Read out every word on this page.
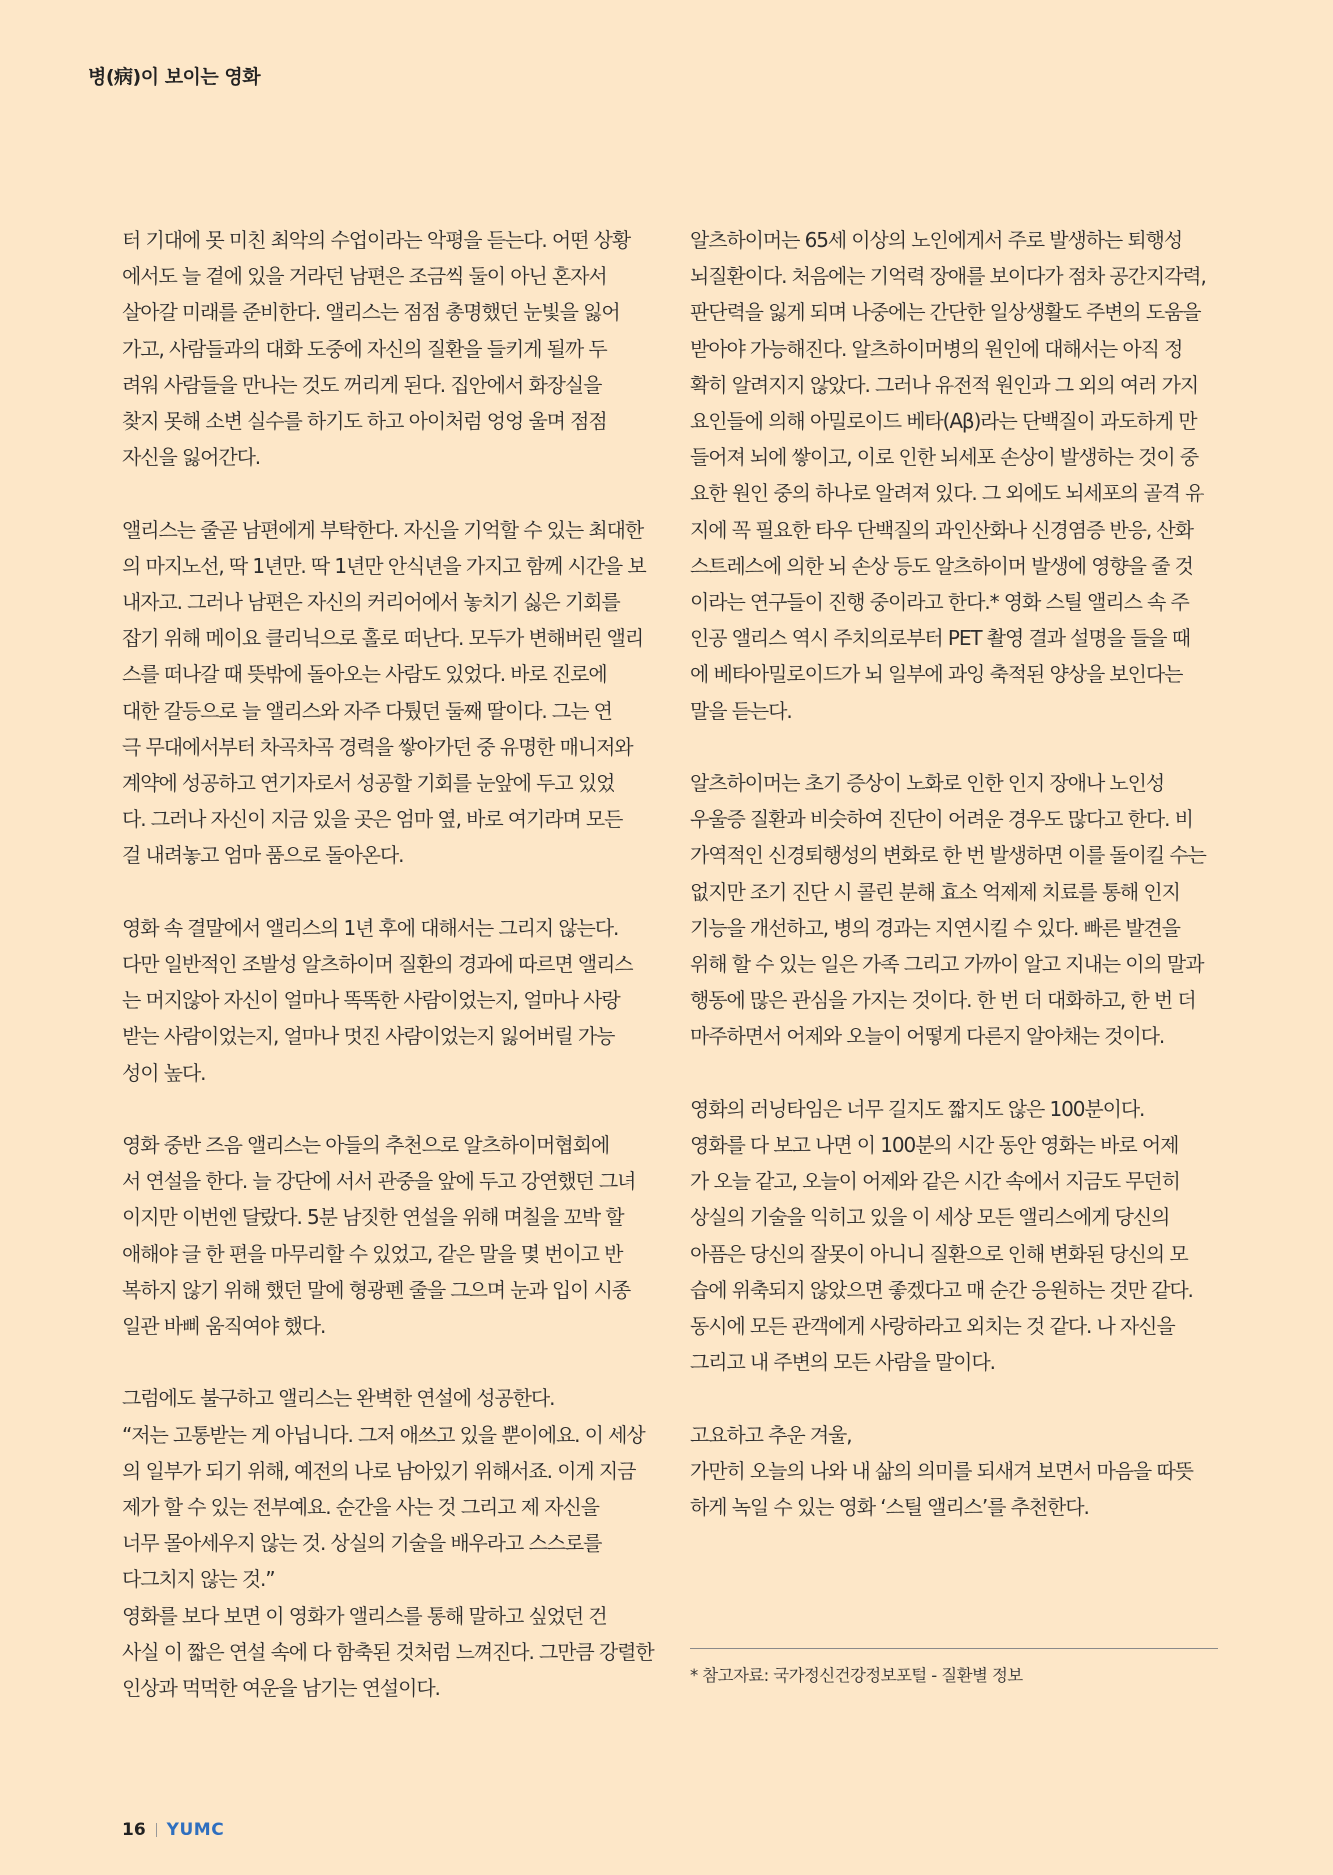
병(病)이 보이는 영화
터 기대에 못 미친 최악의 수업이라는 악평을 듣는다. 어떤 상황
에서도 늘 곁에 있을 거라던 남편은 조금씩 둘이 아닌 혼자서
살아갈 미래를 준비한다. 앨리스는 점점 총명했던 눈빛을 잃어
가고, 사람들과의 대화 도중에 자신의 질환을 들키게 될까 두
려워 사람들을 만나는 것도 꺼리게 된다. 집안에서 화장실을
찾지 못해 소변 실수를 하기도 하고 아이처럼 엉엉 울며 점점
자신을 잃어간다.
앨리스는 줄곧 남편에게 부탁한다. 자신을 기억할 수 있는 최대한
의 마지노선, 딱 1년만. 딱 1년만 안식년을 가지고 함께 시간을 보
내자고. 그러나 남편은 자신의 커리어에서 놓치기 싫은 기회를
잡기 위해 메이요 클리닉으로 홀로 떠난다. 모두가 변해버린 앨리
스를 떠나갈 때 뜻밖에 돌아오는 사람도 있었다. 바로 진로에
대한 갈등으로 늘 앨리스와 자주 다퉜던 둘째 딸이다. 그는 연
극 무대에서부터 차곡차곡 경력을 쌓아가던 중 유명한 매니저와
계약에 성공하고 연기자로서 성공할 기회를 눈앞에 두고 있었
다. 그러나 자신이 지금 있을 곳은 엄마 옆, 바로 여기라며 모든
걸 내려놓고 엄마 품으로 돌아온다.
영화 속 결말에서 앨리스의 1년 후에 대해서는 그리지 않는다.
다만 일반적인 조발성 알츠하이머 질환의 경과에 따르면 앨리스
는 머지않아 자신이 얼마나 똑똑한 사람이었는지, 얼마나 사랑
받는 사람이었는지, 얼마나 멋진 사람이었는지 잃어버릴 가능
성이 높다.
영화 중반 즈음 앨리스는 아들의 추천으로 알츠하이머협회에
서 연설을 한다. 늘 강단에 서서 관중을 앞에 두고 강연했던 그녀
이지만 이번엔 달랐다. 5분 남짓한 연설을 위해 며칠을 꼬박 할
애해야 글 한 편을 마무리할 수 있었고, 같은 말을 몇 번이고 반
복하지 않기 위해 했던 말에 형광펜 줄을 그으며 눈과 입이 시종
일관 바삐 움직여야 했다.
그럼에도 불구하고 앨리스는 완벽한 연설에 성공한다.
“저는 고통받는 게 아닙니다. 그저 애쓰고 있을 뿐이에요. 이 세상
의 일부가 되기 위해, 예전의 나로 남아있기 위해서죠. 이게 지금
제가 할 수 있는 전부예요. 순간을 사는 것 그리고 제 자신을
너무 몰아세우지 않는 것. 상실의 기술을 배우라고 스스로를
다그치지 않는 것.”
영화를 보다 보면 이 영화가 앨리스를 통해 말하고 싶었던 건
사실 이 짧은 연설 속에 다 함축된 것처럼 느껴진다. 그만큼 강렬한
인상과 먹먹한 여운을 남기는 연설이다.
알츠하이머는 65세 이상의 노인에게서 주로 발생하는 퇴행성
뇌질환이다. 처음에는 기억력 장애를 보이다가 점차 공간지각력,
판단력을 잃게 되며 나중에는 간단한 일상생활도 주변의 도움을
받아야 가능해진다. 알츠하이머병의 원인에 대해서는 아직 정
확히 알려지지 않았다. 그러나 유전적 원인과 그 외의 여러 가지
요인들에 의해 아밀로이드 베타(Aβ)라는 단백질이 과도하게 만
들어져 뇌에 쌓이고, 이로 인한 뇌세포 손상이 발생하는 것이 중
요한 원인 중의 하나로 알려져 있다. 그 외에도 뇌세포의 골격 유
지에 꼭 필요한 타우 단백질의 과인산화나 신경염증 반응, 산화
스트레스에 의한 뇌 손상 등도 알츠하이머 발생에 영향을 줄 것
이라는 연구들이 진행 중이라고 한다.* 영화 스틸 앨리스 속 주
인공 앨리스 역시 주치의로부터 PET 촬영 결과 설명을 들을 때
에 베타아밀로이드가 뇌 일부에 과잉 축적된 양상을 보인다는
말을 듣는다.
알츠하이머는 초기 증상이 노화로 인한 인지 장애나 노인성
우울증 질환과 비슷하여 진단이 어려운 경우도 많다고 한다. 비
가역적인 신경퇴행성의 변화로 한 번 발생하면 이를 돌이킬 수는
없지만 조기 진단 시 콜린 분해 효소 억제제 치료를 통해 인지
기능을 개선하고, 병의 경과는 지연시킬 수 있다. 빠른 발견을
위해 할 수 있는 일은 가족 그리고 가까이 알고 지내는 이의 말과
행동에 많은 관심을 가지는 것이다. 한 번 더 대화하고, 한 번 더
마주하면서 어제와 오늘이 어떻게 다른지 알아채는 것이다.
영화의 러닝타임은 너무 길지도 짧지도 않은 100분이다.
영화를 다 보고 나면 이 100분의 시간 동안 영화는 바로 어제
가 오늘 같고, 오늘이 어제와 같은 시간 속에서 지금도 무던히
상실의 기술을 익히고 있을 이 세상 모든 앨리스에게 당신의
아픔은 당신의 잘못이 아니니 질환으로 인해 변화된 당신의 모
습에 위축되지 않았으면 좋겠다고 매 순간 응원하는 것만 같다.
동시에 모든 관객에게 사랑하라고 외치는 것 같다. 나 자신을
그리고 내 주변의 모든 사람을 말이다.
고요하고 추운 겨울,
가만히 오늘의 나와 내 삶의 의미를 되새겨 보면서 마음을 따뜻
하게 녹일 수 있는 영화 ‘스틸 앨리스’를 추천한다.
* 참고자료: 국가정신건강정보포털 - 질환별 정보
16 YUMC
